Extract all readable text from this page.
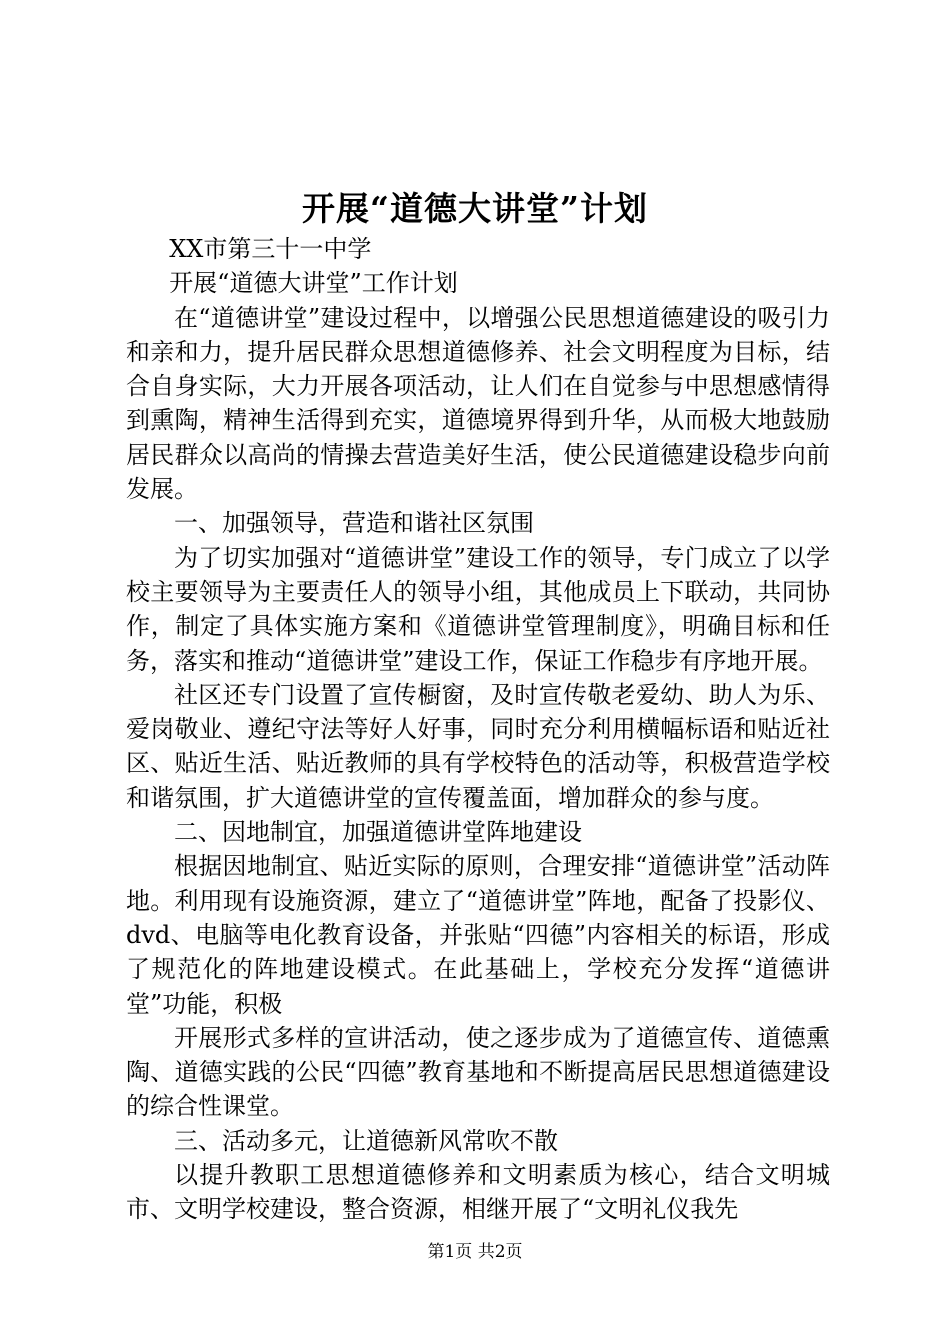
开展“道德大讲堂”计划

XX市第三十一中学

开展“道德大讲堂”工作计划

在“道德讲堂”建设过程中，以增强公民思想道德建设的吸引力和亲和力，提升居民群众思想道德修养、社会文明程度为目标，结合自身实际，大力开展各项活动，让人们在自觉参与中思想感情得到熏陶，精神生活得到充实，道德境界得到升华，从而极大地鼓励居民群众以高尚的情操去营造美好生活，使公民道德建设稳步向前发展。

一、加强领导，营造和谐社区氛围

为了切实加强对“道德讲堂”建设工作的领导，专门成立了以学校主要领导为主要责任人的领导小组，其他成员上下联动，共同协作，制定了具体实施方案和《道德讲堂管理制度》，明确目标和任务，落实和推动“道德讲堂”建设工作，保证工作稳步有序地开展。

社区还专门设置了宣传橱窗，及时宣传敬老爱幼、助人为乐、爱岗敬业、遵纪守法等好人好事，同时充分利用横幅标语和贴近社区、贴近生活、贴近教师的具有学校特色的活动等，积极营造学校和谐氛围，扩大道德讲堂的宣传覆盖面，增加群众的参与度。

二、因地制宜，加强道德讲堂阵地建设

根据因地制宜、贴近实际的原则，合理安排“道德讲堂”活动阵地。利用现有设施资源，建立了“道德讲堂”阵地，配备了投影仪、dvd、电脑等电化教育设备，并张贴“四德”内容相关的标语，形成了规范化的阵地建设模式。在此基础上，学校充分发挥“道德讲堂”功能，积极

开展形式多样的宣讲活动，使之逐步成为了道德宣传、道德熏陶、道德实践的公民“四德”教育基地和不断提高居民思想道德建设的综合性课堂。

三、活动多元，让道德新风常吹不散

以提升教职工思想道德修养和文明素质为核心，结合文明城市、文明学校建设，整合资源，相继开展了“文明礼仪我先

第1页 共2页
